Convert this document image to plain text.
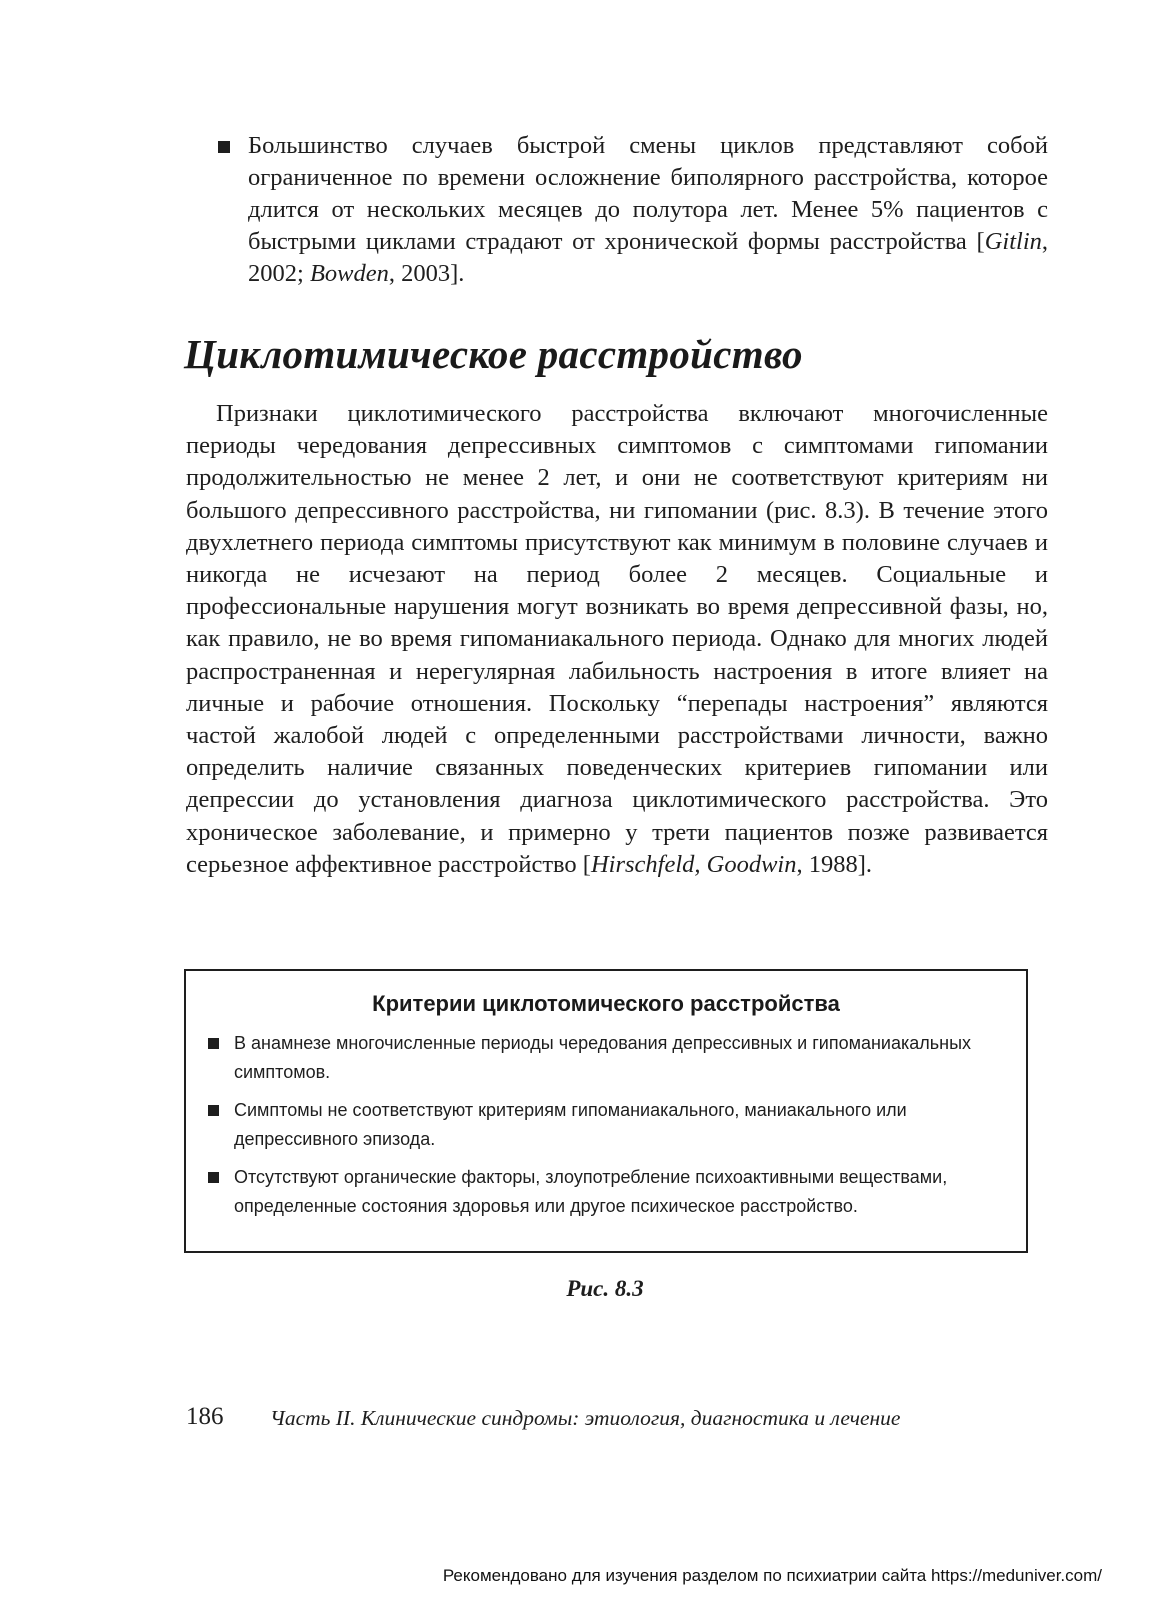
Большинство случаев быстрой смены циклов представляют собой ограниченное по времени осложнение биполярного расстройства, которое длится от нескольких месяцев до полутора лет. Менее 5% пациентов с быстрыми циклами страдают от хронической формы расстройства [Gitlin, 2002; Bowden, 2003].
Циклотимическое расстройство

Признаки циклотимического расстройства включают многочисленные периоды чередования депрессивных симптомов с симптомами гипомании продолжительностью не менее 2 лет, и они не соответствуют критериям ни большого депрессивного расстройства, ни гипомании (рис. 8.3). В течение этого двухлетнего периода симптомы присутствуют как минимум в половине случаев и никогда не исчезают на период более 2 месяцев. Социальные и профессиональные нарушения могут возникать во время депрессивной фазы, но, как правило, не во время гипоманиакального периода. Однако для многих людей распространенная и нерегулярная лабильность настроения в итоге влияет на личные и рабочие отношения. Поскольку “перепады настроения” являются частой жалобой людей с определенными расстройствами личности, важно определить наличие связанных поведенческих критериев гипомании или депрессии до установления диагноза циклотимического расстройства. Это хроническое заболевание, и примерно у трети пациентов позже развивается серьезное аффективное расстройство [Hirschfeld, Goodwin, 1988].

Критерии циклотомического расстройства
В анамнезе многочисленные периоды чередования депрессивных и гипоманиакальных симптомов.
Симптомы не соответствуют критериям гипоманиакального, маниакального или депрессивного эпизода.
Отсутствуют органические факторы, злоупотребление психоактивными веществами, определенные состояния здоровья или другое психическое расстройство.
Рис. 8.3
186 Часть II. Клинические синдромы: этиология, диагностика и лечение
Рекомендовано для изучения разделом по психиатрии сайта https://meduniver.com/
